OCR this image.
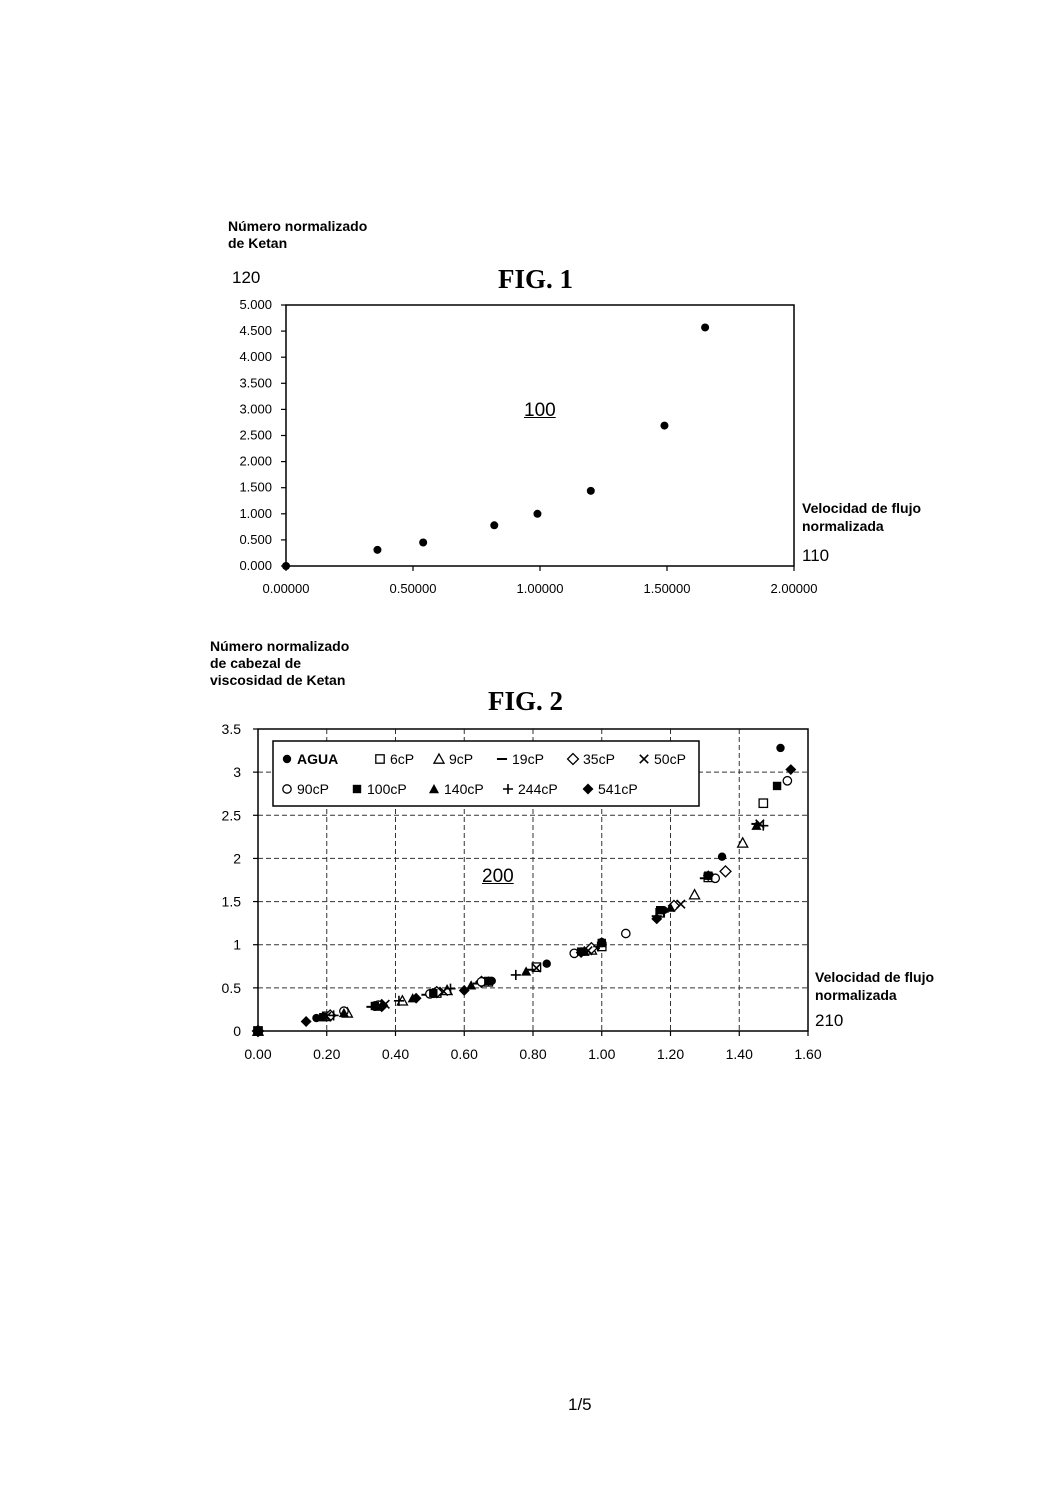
Número normalizado
de Ketan
120	FIG. 1
100
Velocidad de flujo
normalizada
110
0.000
0.500
1.000
1.500
2.000
2.500
3.000
3.500
4.000
4.500
5.000
0.00000	0.50000	1.00000	1.50000	2.00000
Número normalizado
de cabezal de
viscosidad de Ketan
FIG. 2
200
Velocidad de flujo
normalizada
210
0
0.5
1
1.5
2
2.5
3
3.5
0.00	0.20	0.40	0.60	0.80	1.00	1.20	1.40	1.60
AGUA	6cP 9cP	19cP	35cP	50cP
90cP	100cP	140cP 244cP	541cP
1/5
